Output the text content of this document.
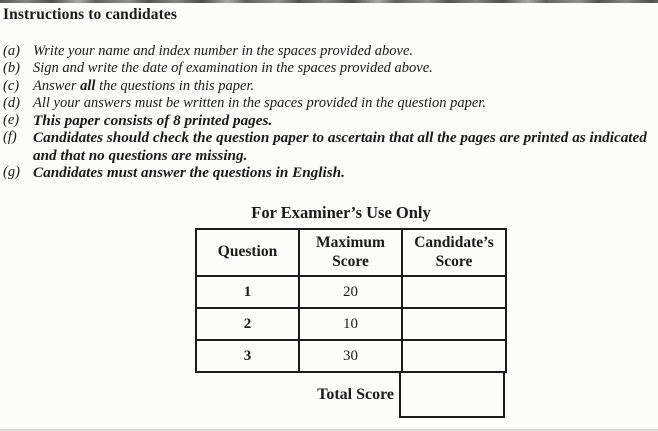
Instructions to candidates
(a) Write your name and index number in the spaces provided above.
(b) Sign and write the date of examination in the spaces provided above.
(c) Answer all the questions in this paper.
(d) All your answers must be written in the spaces provided in the question paper.
(e) This paper consists of 8 printed pages.
(f)	Candidates should check the question paper to ascertain that all the pages are printed as indicated and that no questions are missing.
(g) Candidates must answer the questions in English.
For Examiner’s Use Only
Question	Maximum Score	Candidate’s Score
1	20	
2	10	
3	30	
Total Score
